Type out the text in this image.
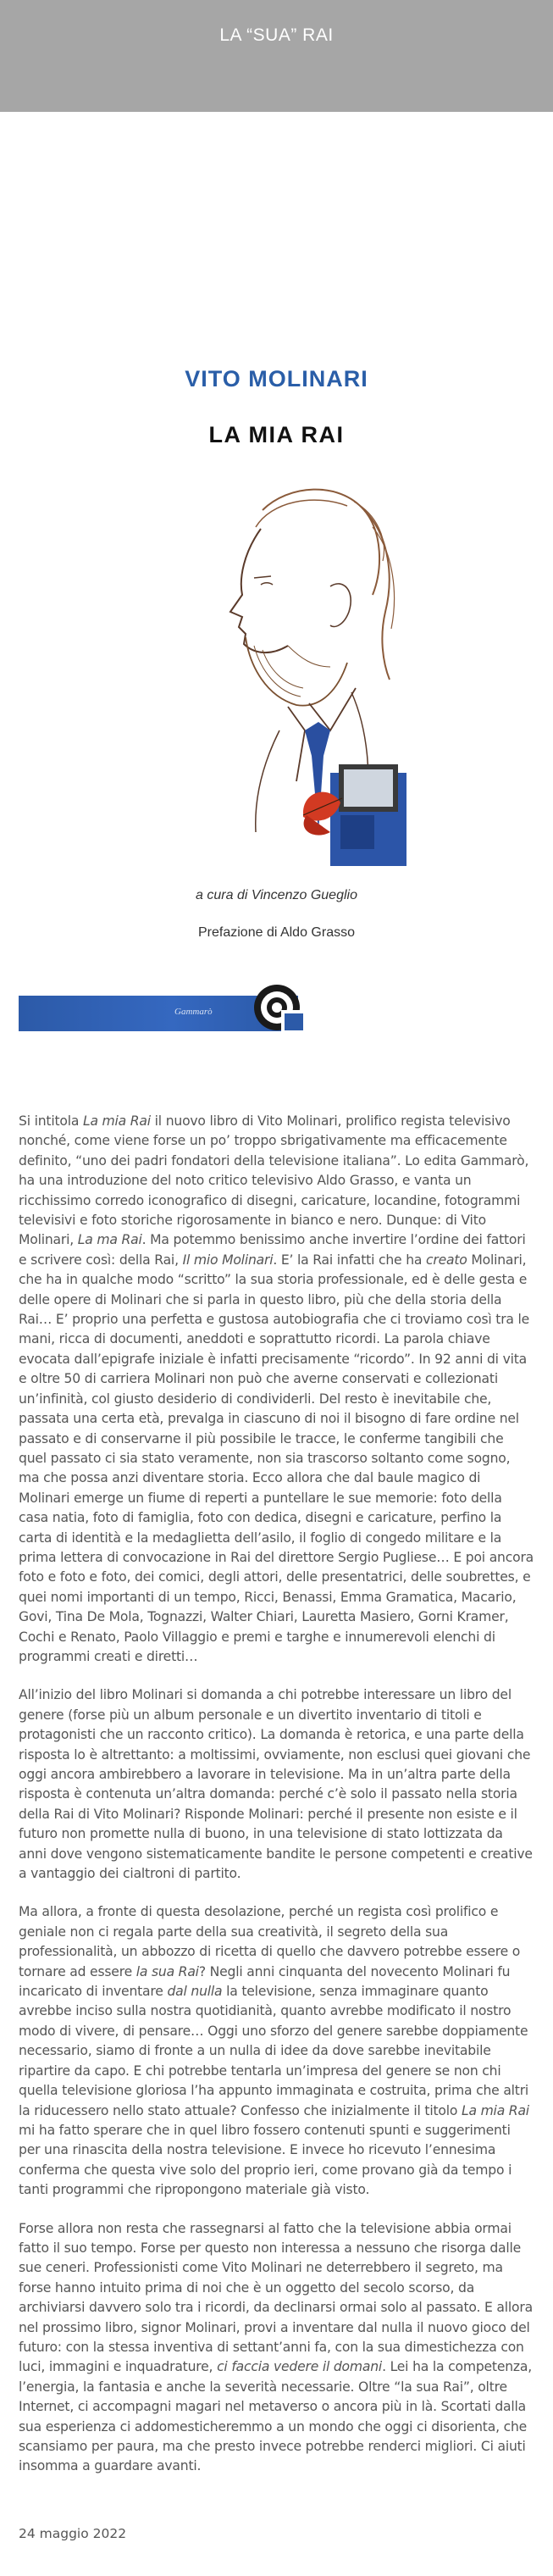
LA “SUA” RAI
VITO MOLINARI
LA MIA RAI
a cura di Vincenzo Gueglio
Prefazione di Aldo Grasso
Gammarò

Si intitola La mia Rai il nuovo libro di Vito Molinari, prolifico regista televisivo nonché, come viene forse un po’ troppo sbrigativamente ma efficacemente definito, “uno dei padri fondatori della televisione italiana”. Lo edita Gammarò, ha una introduzione del noto critico televisivo Aldo Grasso, e vanta un ricchissimo corredo iconografico di disegni, caricature, locandine, fotogrammi televisivi e foto storiche rigorosamente in bianco e nero. Dunque: di Vito Molinari, La ma Rai. Ma potemmo benissimo anche invertire l’ordine dei fattori e scrivere così: della Rai, Il mio Molinari. E’ la Rai infatti che ha creato Molinari, che ha in qualche modo “scritto” la sua storia professionale, ed è delle gesta e delle opere di Molinari che si parla in questo libro, più che della storia della Rai… E’ proprio una perfetta e gustosa autobiografia che ci troviamo così tra le mani, ricca di documenti, aneddoti e soprattutto ricordi. La parola chiave evocata dall’epigrafe iniziale è infatti precisamente “ricordo”. In 92 anni di vita e oltre 50 di carriera Molinari non può che averne conservati e collezionati un’infinità, col giusto desiderio di condividerli. Del resto è inevitabile che, passata una certa età, prevalga in ciascuno di noi il bisogno di fare ordine nel passato e di conservarne il più possibile le tracce, le conferme tangibili che quel passato ci sia stato veramente, non sia trascorso soltanto come sogno, ma che possa anzi diventare storia. Ecco allora che dal baule magico di Molinari emerge un fiume di reperti a puntellare le sue memorie: foto della casa natia, foto di famiglia, foto con dedica, disegni e caricature, perfino la carta di identità e la medaglietta dell’asilo, il foglio di congedo militare e la prima lettera di convocazione in Rai del direttore Sergio Pugliese… E poi ancora foto e foto e foto, dei comici, degli attori, delle presentatrici, delle soubrettes, e quei nomi importanti di un tempo, Ricci, Benassi, Emma Gramatica, Macario, Govi, Tina De Mola, Tognazzi, Walter Chiari, Lauretta Masiero, Gorni Kramer, Cochi e Renato, Paolo Villaggio e premi e targhe e innumerevoli elenchi di programmi creati e diretti…

All’inizio del libro Molinari si domanda a chi potrebbe interessare un libro del genere (forse più un album personale e un divertito inventario di titoli e protagonisti che un racconto critico). La domanda è retorica, e una parte della risposta lo è altrettanto: a moltissimi, ovviamente, non esclusi quei giovani che oggi ancora ambirebbero a lavorare in televisione. Ma in un’altra parte della risposta è contenuta un’altra domanda: perché c’è solo il passato nella storia della Rai di Vito Molinari? Risponde Molinari: perché il presente non esiste e il futuro non promette nulla di buono, in una televisione di stato lottizzata da anni dove vengono sistematicamente bandite le persone competenti e creative a vantaggio dei cialtroni di partito.

Ma allora, a fronte di questa desolazione, perché un regista così prolifico e geniale non ci regala parte della sua creatività, il segreto della sua professionalità, un abbozzo di ricetta di quello che davvero potrebbe essere o tornare ad essere la sua Rai? Negli anni cinquanta del novecento Molinari fu incaricato di inventare dal nulla la televisione, senza immaginare quanto avrebbe inciso sulla nostra quotidianità, quanto avrebbe modificato il nostro modo di vivere, di pensare… Oggi uno sforzo del genere sarebbe doppiamente necessario, siamo di fronte a un nulla di idee da dove sarebbe inevitabile ripartire da capo. E chi potrebbe tentarla un’impresa del genere se non chi quella televisione gloriosa l’ha appunto immaginata e costruita, prima che altri la riducessero nello stato attuale? Confesso che inizialmente il titolo La mia Rai mi ha fatto sperare che in quel libro fossero contenuti spunti e suggerimenti per una rinascita della nostra televisione. E invece ho ricevuto l’ennesima conferma che questa vive solo del proprio ieri, come provano già da tempo i tanti programmi che ripropongono materiale già visto.

Forse allora non resta che rassegnarsi al fatto che la televisione abbia ormai fatto il suo tempo. Forse per questo non interessa a nessuno che risorga dalle sue ceneri. Professionisti come Vito Molinari ne deterrebbero il segreto, ma forse hanno intuito prima di noi che è un oggetto del secolo scorso, da archiviarsi davvero solo tra i ricordi, da declinarsi ormai solo al passato. E allora nel prossimo libro, signor Molinari, provi a inventare dal nulla il nuovo gioco del futuro: con la stessa inventiva di settant’anni fa, con la sua dimestichezza con luci, immagini e inquadrature, ci faccia vedere il domani. Lei ha la competenza, l’energia, la fantasia e anche la severità necessarie. Oltre “la sua Rai”, oltre Internet, ci accompagni magari nel metaverso o ancora più in là. Scortati dalla sua esperienza ci addomesticheremmo a un mondo che oggi ci disorienta, che scansiamo per paura, ma che presto invece potrebbe renderci migliori. Ci aiuti insomma a guardare avanti.

24 maggio 2022
